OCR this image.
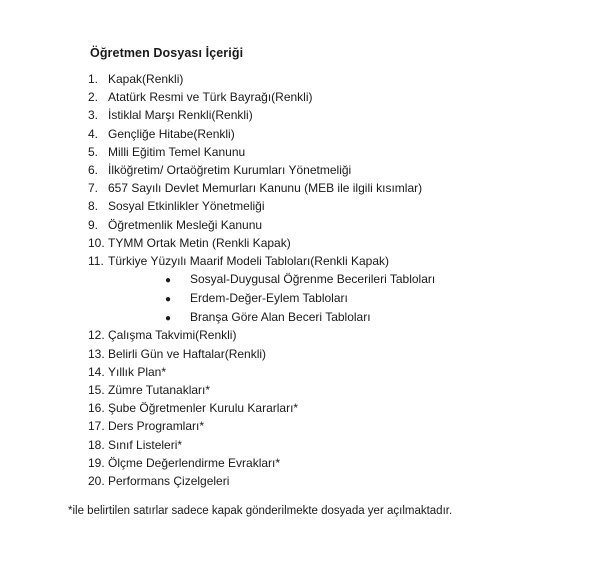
Öğretmen Dosyası İçeriği
1. Kapak(Renkli)
2. Atatürk Resmi ve Türk Bayrağı(Renkli)
3. İstiklal Marşı Renkli(Renkli)
4. Gençliğe Hitabe(Renkli)
5. Milli Eğitim Temel Kanunu
6. İlköğretim/ Ortaöğretim Kurumları Yönetmeliği
7. 657 Sayılı Devlet Memurları Kanunu (MEB ile ilgili kısımlar)
8. Sosyal Etkinlikler Yönetmeliği
9. Öğretmenlik Mesleği Kanunu
10. TYMM Ortak Metin (Renkli Kapak)
11. Türkiye Yüzyılı Maarif Modeli Tabloları(Renkli Kapak)
●	Sosyal-Duygusal Öğrenme Becerileri Tabloları
●	Erdem-Değer-Eylem Tabloları
●	Branşa Göre Alan Beceri Tabloları
12. Çalışma Takvimi(Renkli)
13. Belirli Gün ve Haftalar(Renkli)
14. Yıllık Plan*
15. Zümre Tutanakları*
16. Şube Öğretmenler Kurulu Kararları*
17. Ders Programları*
18. Sınıf Listeleri*
19. Ölçme Değerlendirme Evrakları*
20. Performans Çizelgeleri
*ile belirtilen satırlar sadece kapak gönderilmekte dosyada yer açılmaktadır.
